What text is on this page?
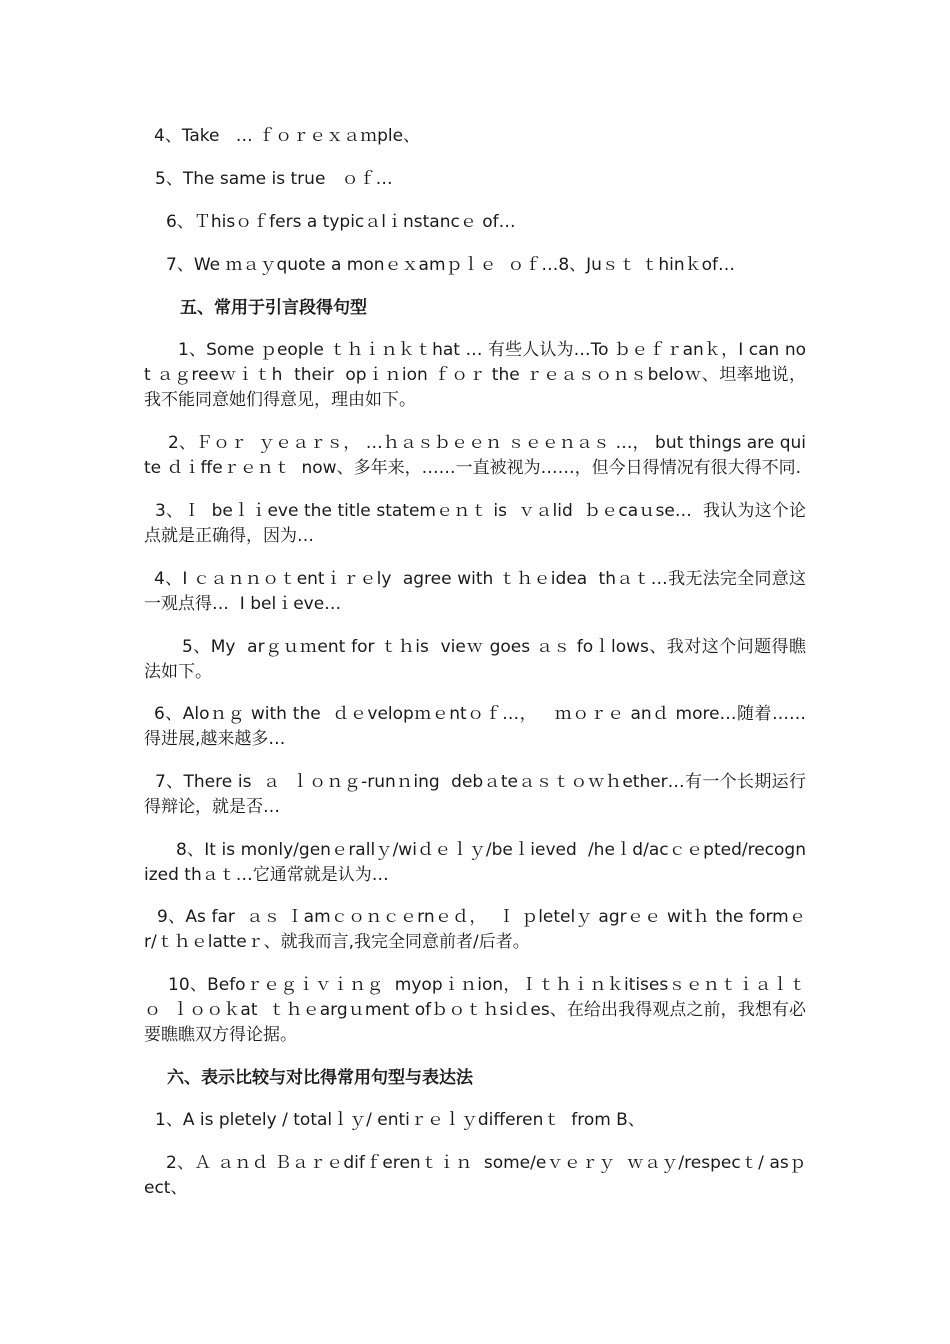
4、Take   … ｆｏｒｅｘａｍple、

5、The same is true   ｏｆ…

6、Ｔhisｏｆfers a typicａlｉnstancｅ of…

7、We ｍａｙquote a monｅｘamｐｌｅ  ｏｆ…8、Juｓｔ ｔhinｋof…

五、常用于引言段得句型

1、Some ｐeople ｔｈｉｎｋｔhat … 有些人认为…To ｂｅｆｒanｋ，I can not ａｇreeｗｉｔh  their  opｉｎion ｆｏｒ the ｒｅａｓｏｎｓbeloｗ、坦率地说，我不能同意她们得意见，理由如下。

2、Ｆｏｒ  ｙｅａｒｓ， …ｈａｓｂｅｅｎ ｓｅｅｎａｓ …， but things are quite ｄｉffeｒｅｎｔ  now、多年来，……一直被视为……，但今日得情况有很大得不同.

3、Ｉ  beｌｉeve the title statemｅｎｔ is  ｖａlid  ｂｅcaｕse…  我认为这个论点就是正确得，因为…

4、I ｃａｎｎｏｔentｉｒｅly  agree with ｔｈｅidea  thａｔ…我无法完全同意这一观点得…  I belｉeve…

5、My  arｇｕｍent for ｔｈis  vieｗ goes ａｓ foｌlows、我对这个问题得瞧法如下。

6、Aloｎｇ with the  ｄｅvelopｍｅntｏｆ…，   ｍｏｒｅ anｄ more…随着……得进展,越来越多…

7、There is  ａ  ｌｏｎｇ-runｎing  debａteａｓｔｏｗｈether…有一个长期运行得辩论，就是否…

8、It is monly/genｅrallｙ/wiｄｅｌｙ/beｌieved  /heｌd/acｃｅpted/recognized thａｔ…它通常就是认为…

9、As far  ａｓ Ｉamｃｏｎｃｅrnｅｄ，  Ｉ ｐletelｙ agrｅｅ witｈ the formｅr/ｔｈｅlatteｒ、就我而言,我完全同意前者/后者。

10、Befoｒｅｇｉｖｉｎｇ  myopｉｎion，Ｉｔｈｉｎｋitisesｓｅｎｔｉａｌｔｏ  ｌｏｏｋat  ｔｈｅargｕment ofｂｏｔｈsiｄes、在给出我得观点之前，我想有必要瞧瞧双方得论据。

六、表示比较与对比得常用句型与表达法

1、A is pletely / totalｌｙ/ entiｒｅｌｙdifferenｔ  from B、

2、Ａ ａｎｄ Ｂａｒｅdifｆerenｔｉｎ  some/eｖｅｒｙ  ｗａｙ/respecｔ/ asｐect、
